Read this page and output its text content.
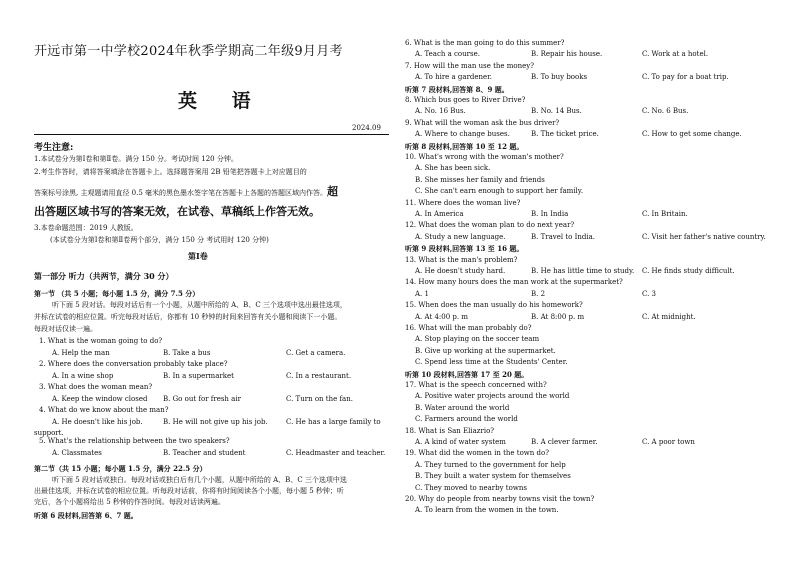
开远市第一中学校2024年秋季学期高二年级9月月考
英 语
2024.09
考生注意:
1.本试卷分为第Ⅰ卷和第Ⅱ卷。满分 150 分。考试时间 120 分钟。
2.考生作答时，请将答案填涂在答题卡上。选择题答案用 2B 铅笔把答题卡上对应题目的
答案标号涂黑, 主观题请用直径 0.5 毫米的黑色墨水签字笔在答题卡上各题的答题区域内作答。超
出答题区域书写的答案无效，在试卷、草稿纸上作答无效。
3.本卷命题范围：2019 人教版。
(本试卷分为第Ⅰ卷和第Ⅱ卷两个部分，满分 150 分 考试用时 120 分钟)
第Ⅰ卷
第一部分 听力（共两节，满分 30 分）
第一节 （共 5 小题；每小题 1.5 分，满分 7.5 分）
听下面 5 段对话。每段对话后有一个小题，从题中所给的 A、B、C 三个选项中选出最佳选项，
并标在试卷的相应位置。听完每段对话后，你都有 10 秒钟的时间来回答有关小题和阅读下一小题。
每段对话仅读一遍。
1. What is the woman going to do?
A. Help the man	B. Take a bus	C. Get a camera.
2. Where does the conversation probably take place?
A. In a wine shop	B. In a supermarket	C. In a restaurant.
3. What does the woman mean?
A. Keep the window closed B. Go out for fresh air	C. Turn on the fan.
4. What do we know about the man?
A. He doesn't like his job.	B. He will not give up his job.	C. He has a large family to
5. What's the relationship between the two speakers?
A. Classmates	B. Teacher and student	C. Headmaster and teacher.
support.
第二节（共 15 小题；每小题 1.5 分，满分 22.5 分）
听下面 5 段对话或独白。每段对话或独白后有几个小题，从题中所给的 A、B、C 三个选项中选
出最佳选项，并标在试卷的相应位置。听每段对话前，你将有时间阅读各个小题，每小题 5 秒钟；听
完后，各个小题将给出 5 秒钟的作答时间。每段对话读两遍。
听第 6 段材料,回答第 6、7 题。
6. What is the man going to do this summer?
A. Teach a course.	B. Repair his house.	C. Work at a hotel.
7. How will the man use the money?
A. To hire a gardener.	B. To buy books	C. To pay for a boat trip.
听第 7 段材料,回答第 8、9 题。
8. Which bus goes to River Drive?
A. No. 16 Bus.	B. No. 14 Bus.	C. No. 6 Bus.
9. What will the woman ask the bus driver?
A. Where to change buses.	B. The ticket price.	C. How to get some change.
听第 8 段材料,回答第 10 至 12 题。
10. What's wrong with the woman's mother?
A. She has been sick.
B. She misses her family and friends
C. She can't earn enough to support her family.
11. Where does the woman live?
A. In America	B. In India	C. In Britain.
12. What does the woman plan to do next year?
A. Study a new language.	B. Travel to India.	C. Visit her father's native country.
听第 9 段材料,回答第 13 至 16 题。
13. What is the man's problem?
A. He doesn't study hard.	B. He has little time to study. C. He finds study difficult.
14. How many hours does the man work at the supermarket?
A. 1	B. 2	C. 3
15. When does the man usually do his homework?
A. At 4:00 p. m	B. At 8:00 p. m	C. At midnight.
16. What will the man probably do?
A. Stop playing on the soccer team
B. Give up working at the supermarket.
C. Spend less time at the Students' Center.
听第 10 段材料,回答第 17 至 20 题。
17. What is the speech concerned with?
A. Positive water projects around the world
B. Water around the world
C. Farmers around the world
18. What is San Eliazrio?
A. A kind of water system	B. A clever farmer.	C. A poor town
19. What did the women in the town do?
A. They turned to the government for help
B. They built a water system for themselves
C. They moved to nearby towns
20. Why do people from nearby towns visit the town?
A. To learn from the women in the town.
